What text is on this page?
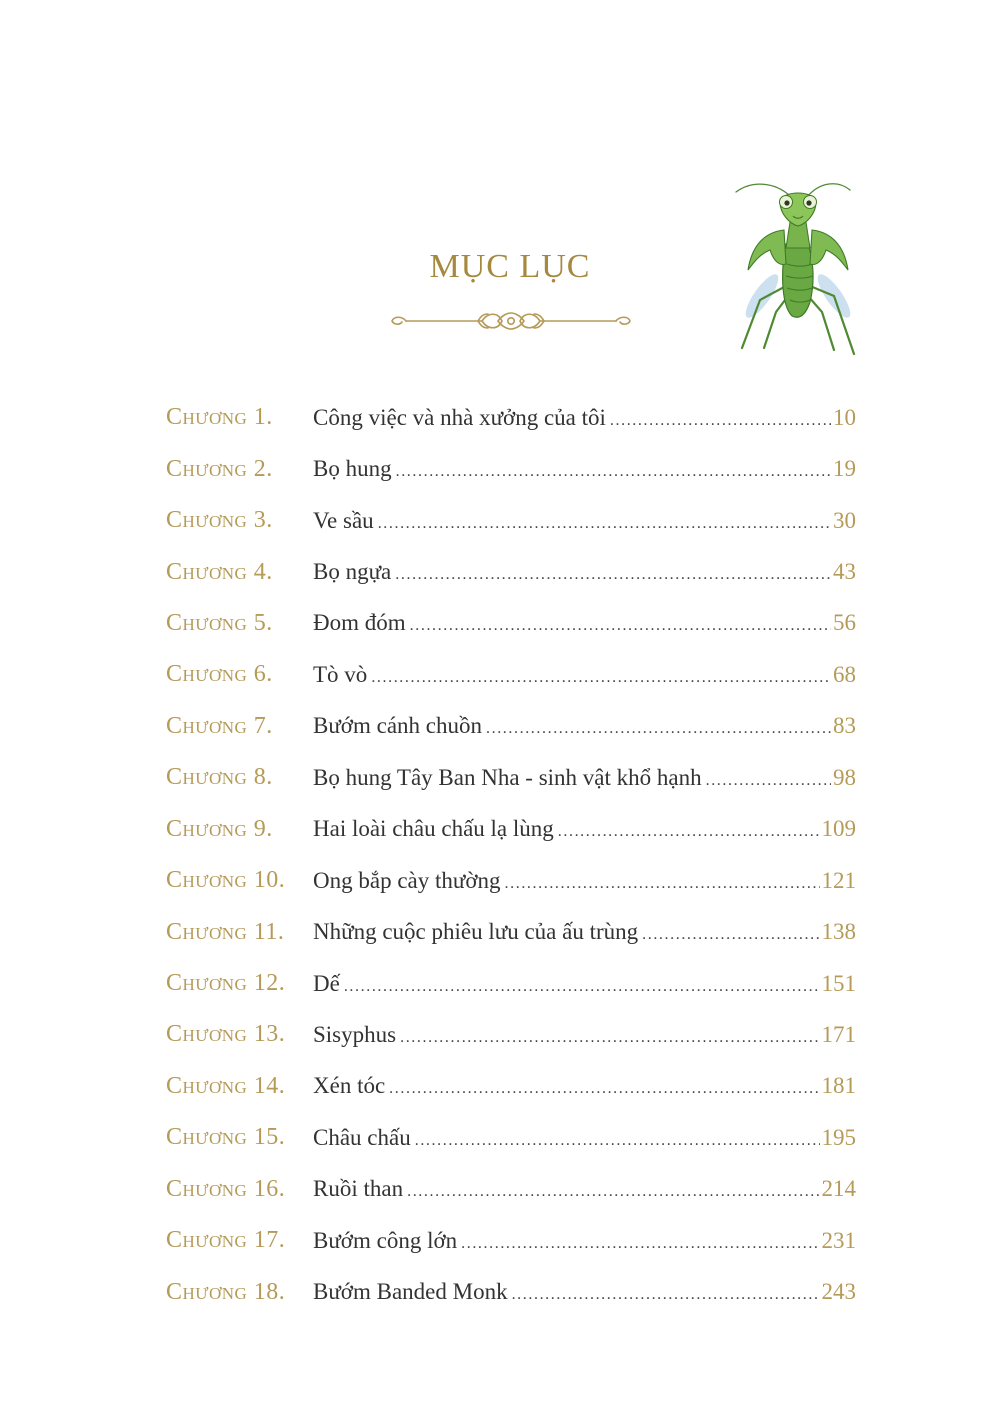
MỤC LỤC
Chương 1.	Công việc và nhà xưởng của tôi .....	10
Chương 2.	Bọ hung .....	19
Chương 3.	Ve sầu .....	30
Chương 4.	Bọ ngựa .....	43
Chương 5.	Đom đóm .....	56
Chương 6.	Tò vò .....	68
Chương 7.	Bướm cánh chuồn .....	83
Chương 8.	Bọ hung Tây Ban Nha - sinh vật khổ hạnh .....	98
Chương 9.	Hai loài châu chấu lạ lùng .....	109
Chương 10.	Ong bắp cày thường .....	121
Chương 11.	Những cuộc phiêu lưu của ấu trùng .....	138
Chương 12.	Dế .....	151
Chương 13.	Sisyphus .....	171
Chương 14.	Xén tóc .....	181
Chương 15.	Châu chấu .....	195
Chương 16.	Ruồi than .....	214
Chương 17.	Bướm công lớn .....	231
Chương 18.	Bướm Banded Monk .....	243
